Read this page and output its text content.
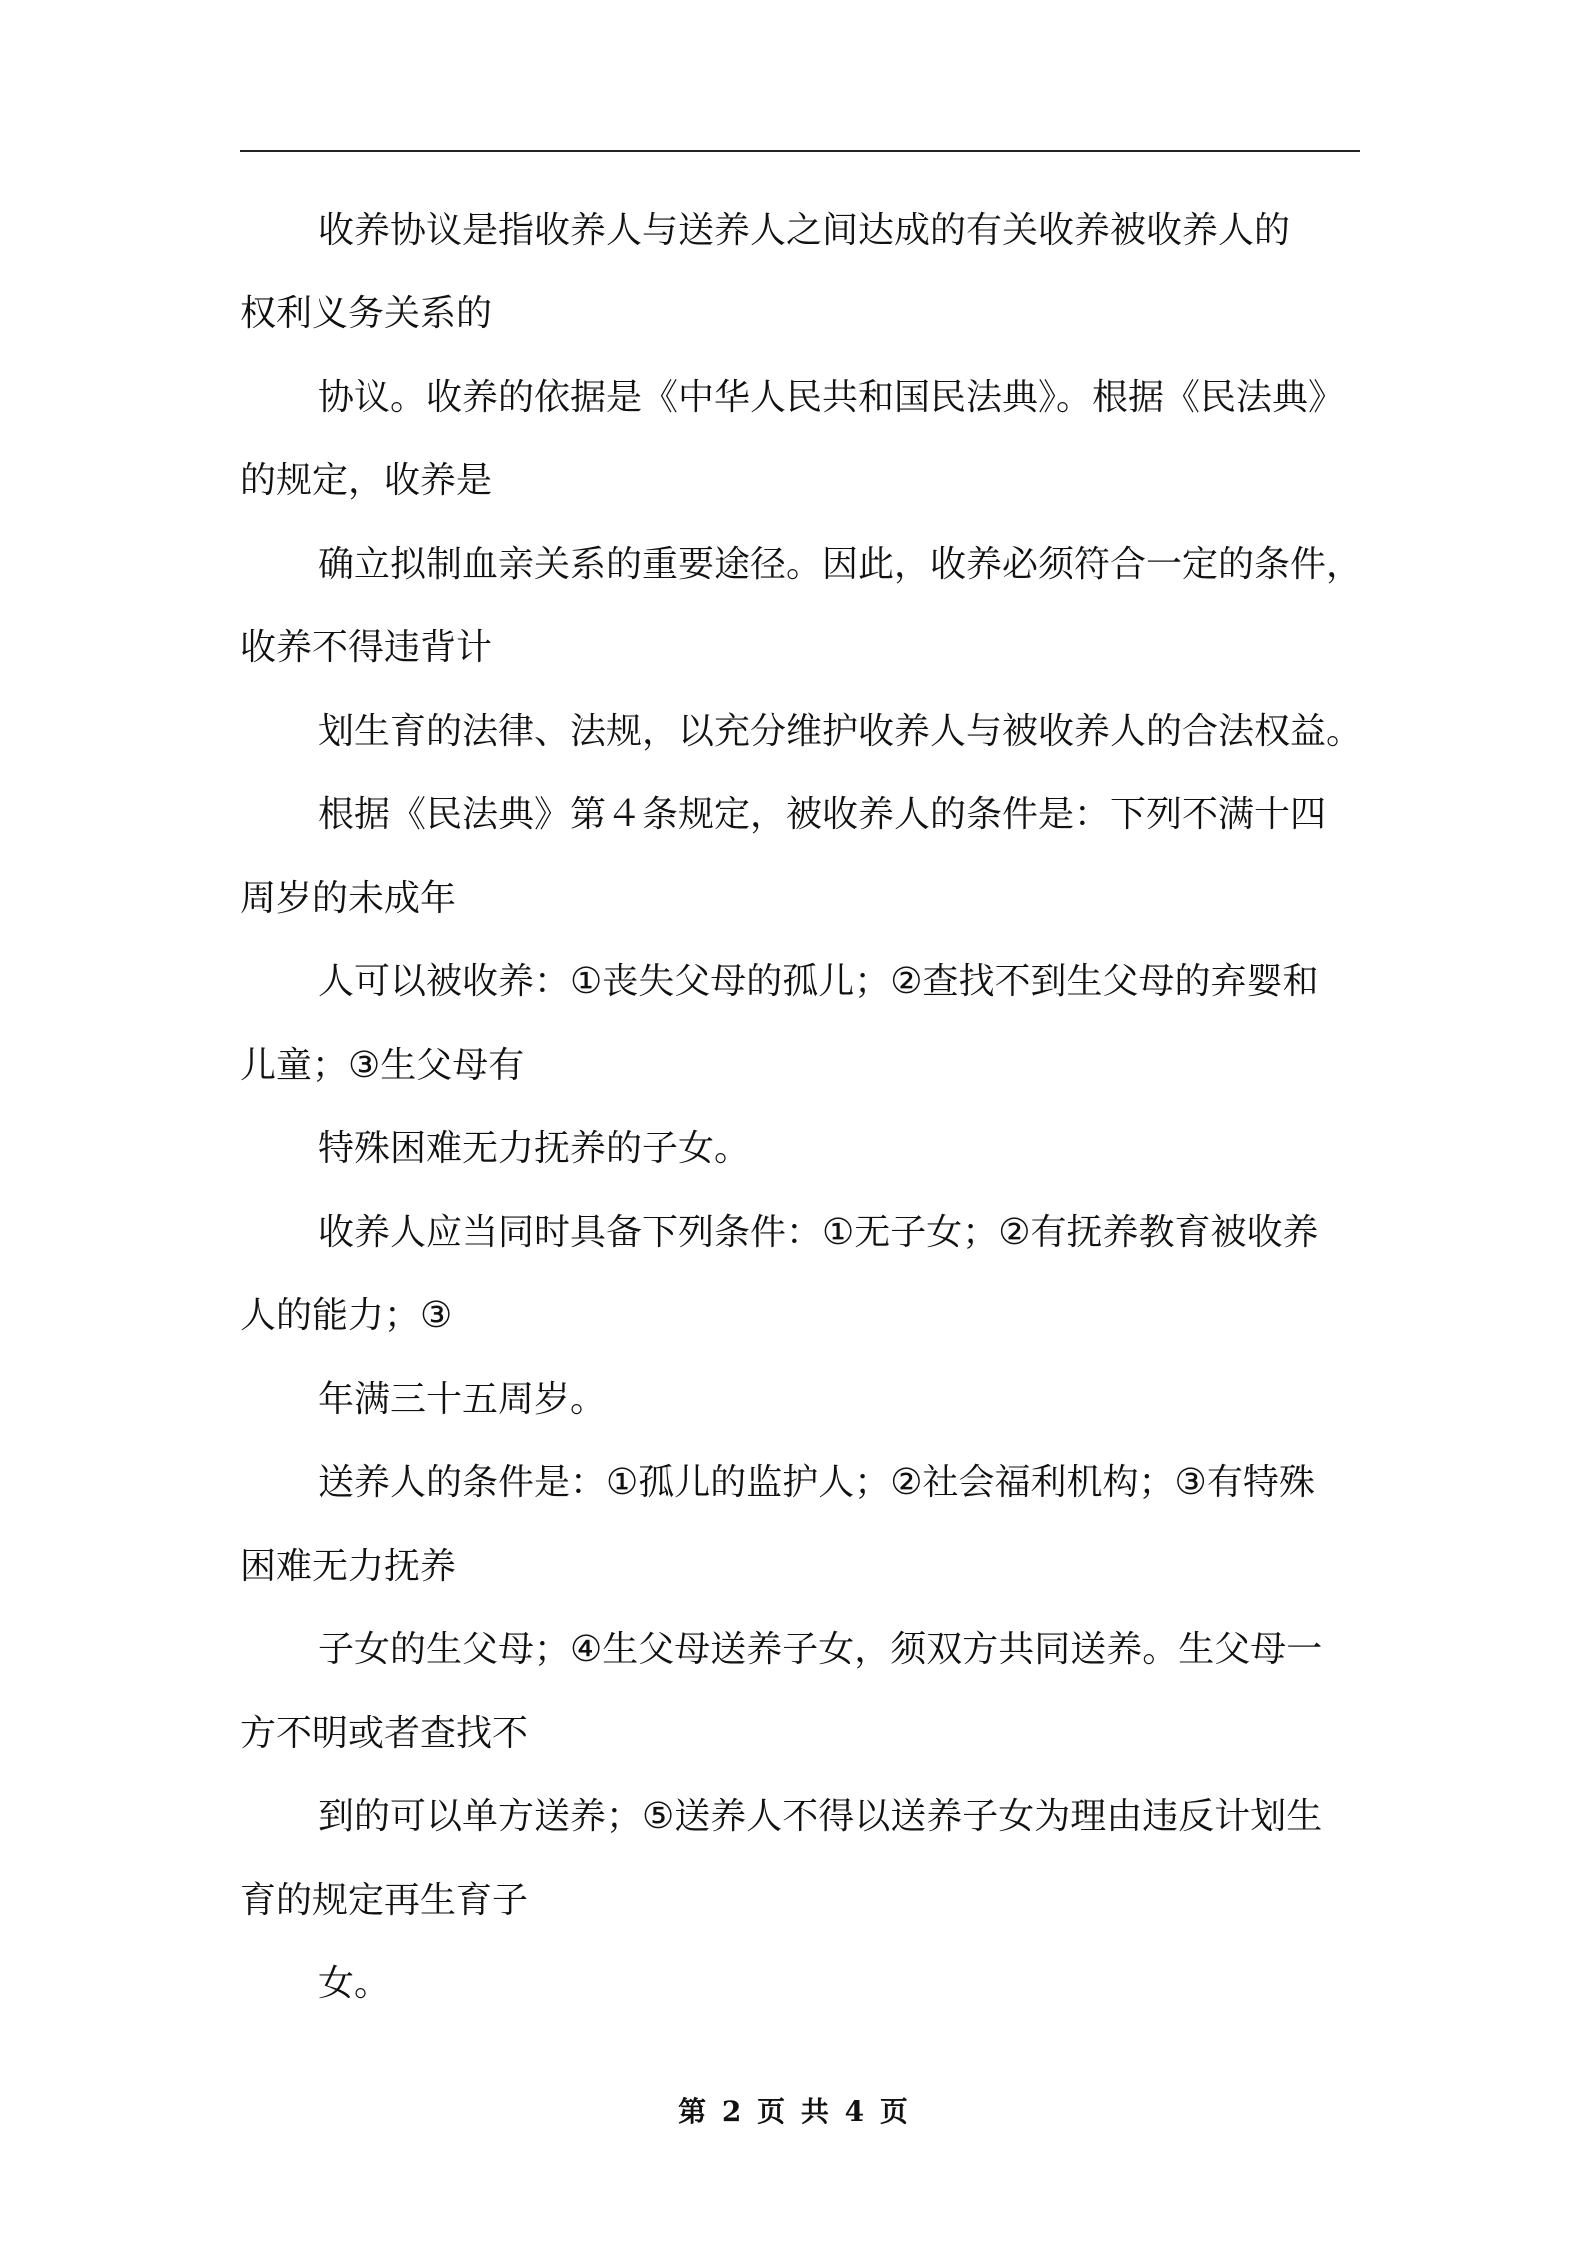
收养协议是指收养人与送养人之间达成的有关收养被收养人的
权利义务关系的
协议。收养的依据是《中华人民共和国民法典》。根据《民法典》
的规定，收养是
确立拟制血亲关系的重要途径。因此，收养必须符合一定的条件，
收养不得违背计
划生育的法律、法规，以充分维护收养人与被收养人的合法权益。
根据《民法典》第４条规定，被收养人的条件是：下列不满十四
周岁的未成年
人可以被收养：①丧失父母的孤儿；②查找不到生父母的弃婴和
儿童；③生父母有
特殊困难无力抚养的子女。
收养人应当同时具备下列条件：①无子女；②有抚养教育被收养
人的能力；③
年满三十五周岁。
送养人的条件是：①孤儿的监护人；②社会福利机构；③有特殊
困难无力抚养
子女的生父母；④生父母送养子女，须双方共同送养。生父母一
方不明或者查找不
到的可以单方送养；⑤送养人不得以送养子女为理由违反计划生
育的规定再生育子
女。
第 2 页 共 4 页
